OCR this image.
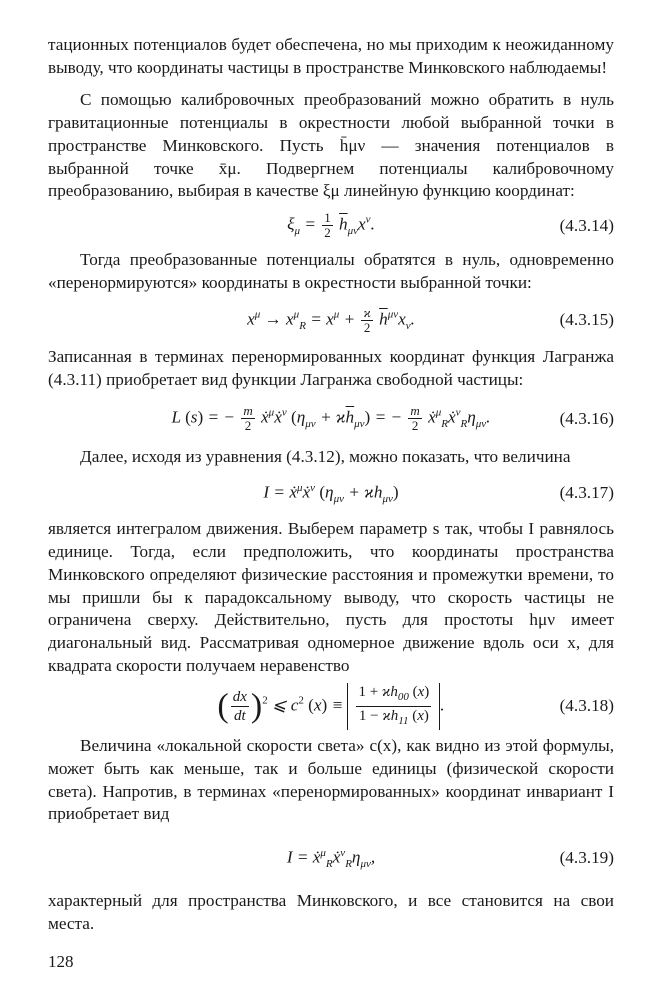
тационных потенциалов будет обеспечена, но мы приходим к неожиданному выводу, что координаты частицы в пространстве Минковского наблюдаемы!

С помощью калибровочных преобразований можно обратить в нуль гравитационные потенциалы в окрестности любой выбранной точки в пространстве Минковского. Пусть h̄μν — значения потенциалов в выбранной точке x̄μ. Подвергнем потенциалы калибровочному преобразованию, выбирая в качестве ξμ линейную функцию координат:

$\xi_\mu = \frac{1}{2} \overline{h}_{\mu\nu}x^\nu$.	(4.3.14)

Тогда преобразованные потенциалы обратятся в нуль, одновременно «перенормируются» координаты в окрестности выбранной точки:

$x^\mu \to x^\mu_R = x^\mu + \frac{ϰ}{2} \overline{h}^{\mu\nu}x_\nu$.	(4.3.15)

Записанная в терминах перенормированных координат функция Лагранжа (4.3.11) приобретает вид функции Лагранжа свободной частицы:

L (s) = − $\frac{m}{2}$ ẋ$^\mu$ẋ$^\nu$ $(\eta_{\mu\nu} + ϰ\overline{h}_{\mu\nu})$ = − $\frac{m}{2}$ $ẋ^\mu_Rẋ^\nu_R\eta_{\mu\nu}$.	(4.3.16)

Далее, исходя из уравнения (4.3.12), можно показать, что величина

I = ẋ$^\mu$ẋ$^\nu$ $(\eta_{\mu\nu} + ϰh_{\mu\nu})$	(4.3.17)

является интегралом движения. Выберем параметр s так, чтобы I равнялось единице. Тогда, если предположить, что координаты пространства Минковского определяют физические расстояния и промежутки времени, то мы пришли бы к парадоксальному выводу, что скорость частицы не ограничена сверху. Действительно, пусть для простоты hμν имеет диагональный вид. Рассматривая одномерное движение вдоль оси x, для квадрата скорости получаем неравенство

( $\frac{dx}{dt} )^2$ ⩽ $c^2$ $(x) \equiv \frac{1 + ϰh_{00} (x)}{1 - ϰh_{11} (x)}$ .	(4.3.18)

Величина «локальной скорости света» c(x), как видно из этой формулы, может быть как меньше, так и больше единицы (физической скорости света). Напротив, в терминах «перенормированных» координат инвариант I приобретает вид

$I = ẋ^\mu_Rẋ^\nu_R\eta_{\mu\nu}$,	(4.3.19)

характерный для пространства Минковского, и все становится на свои места.

128
